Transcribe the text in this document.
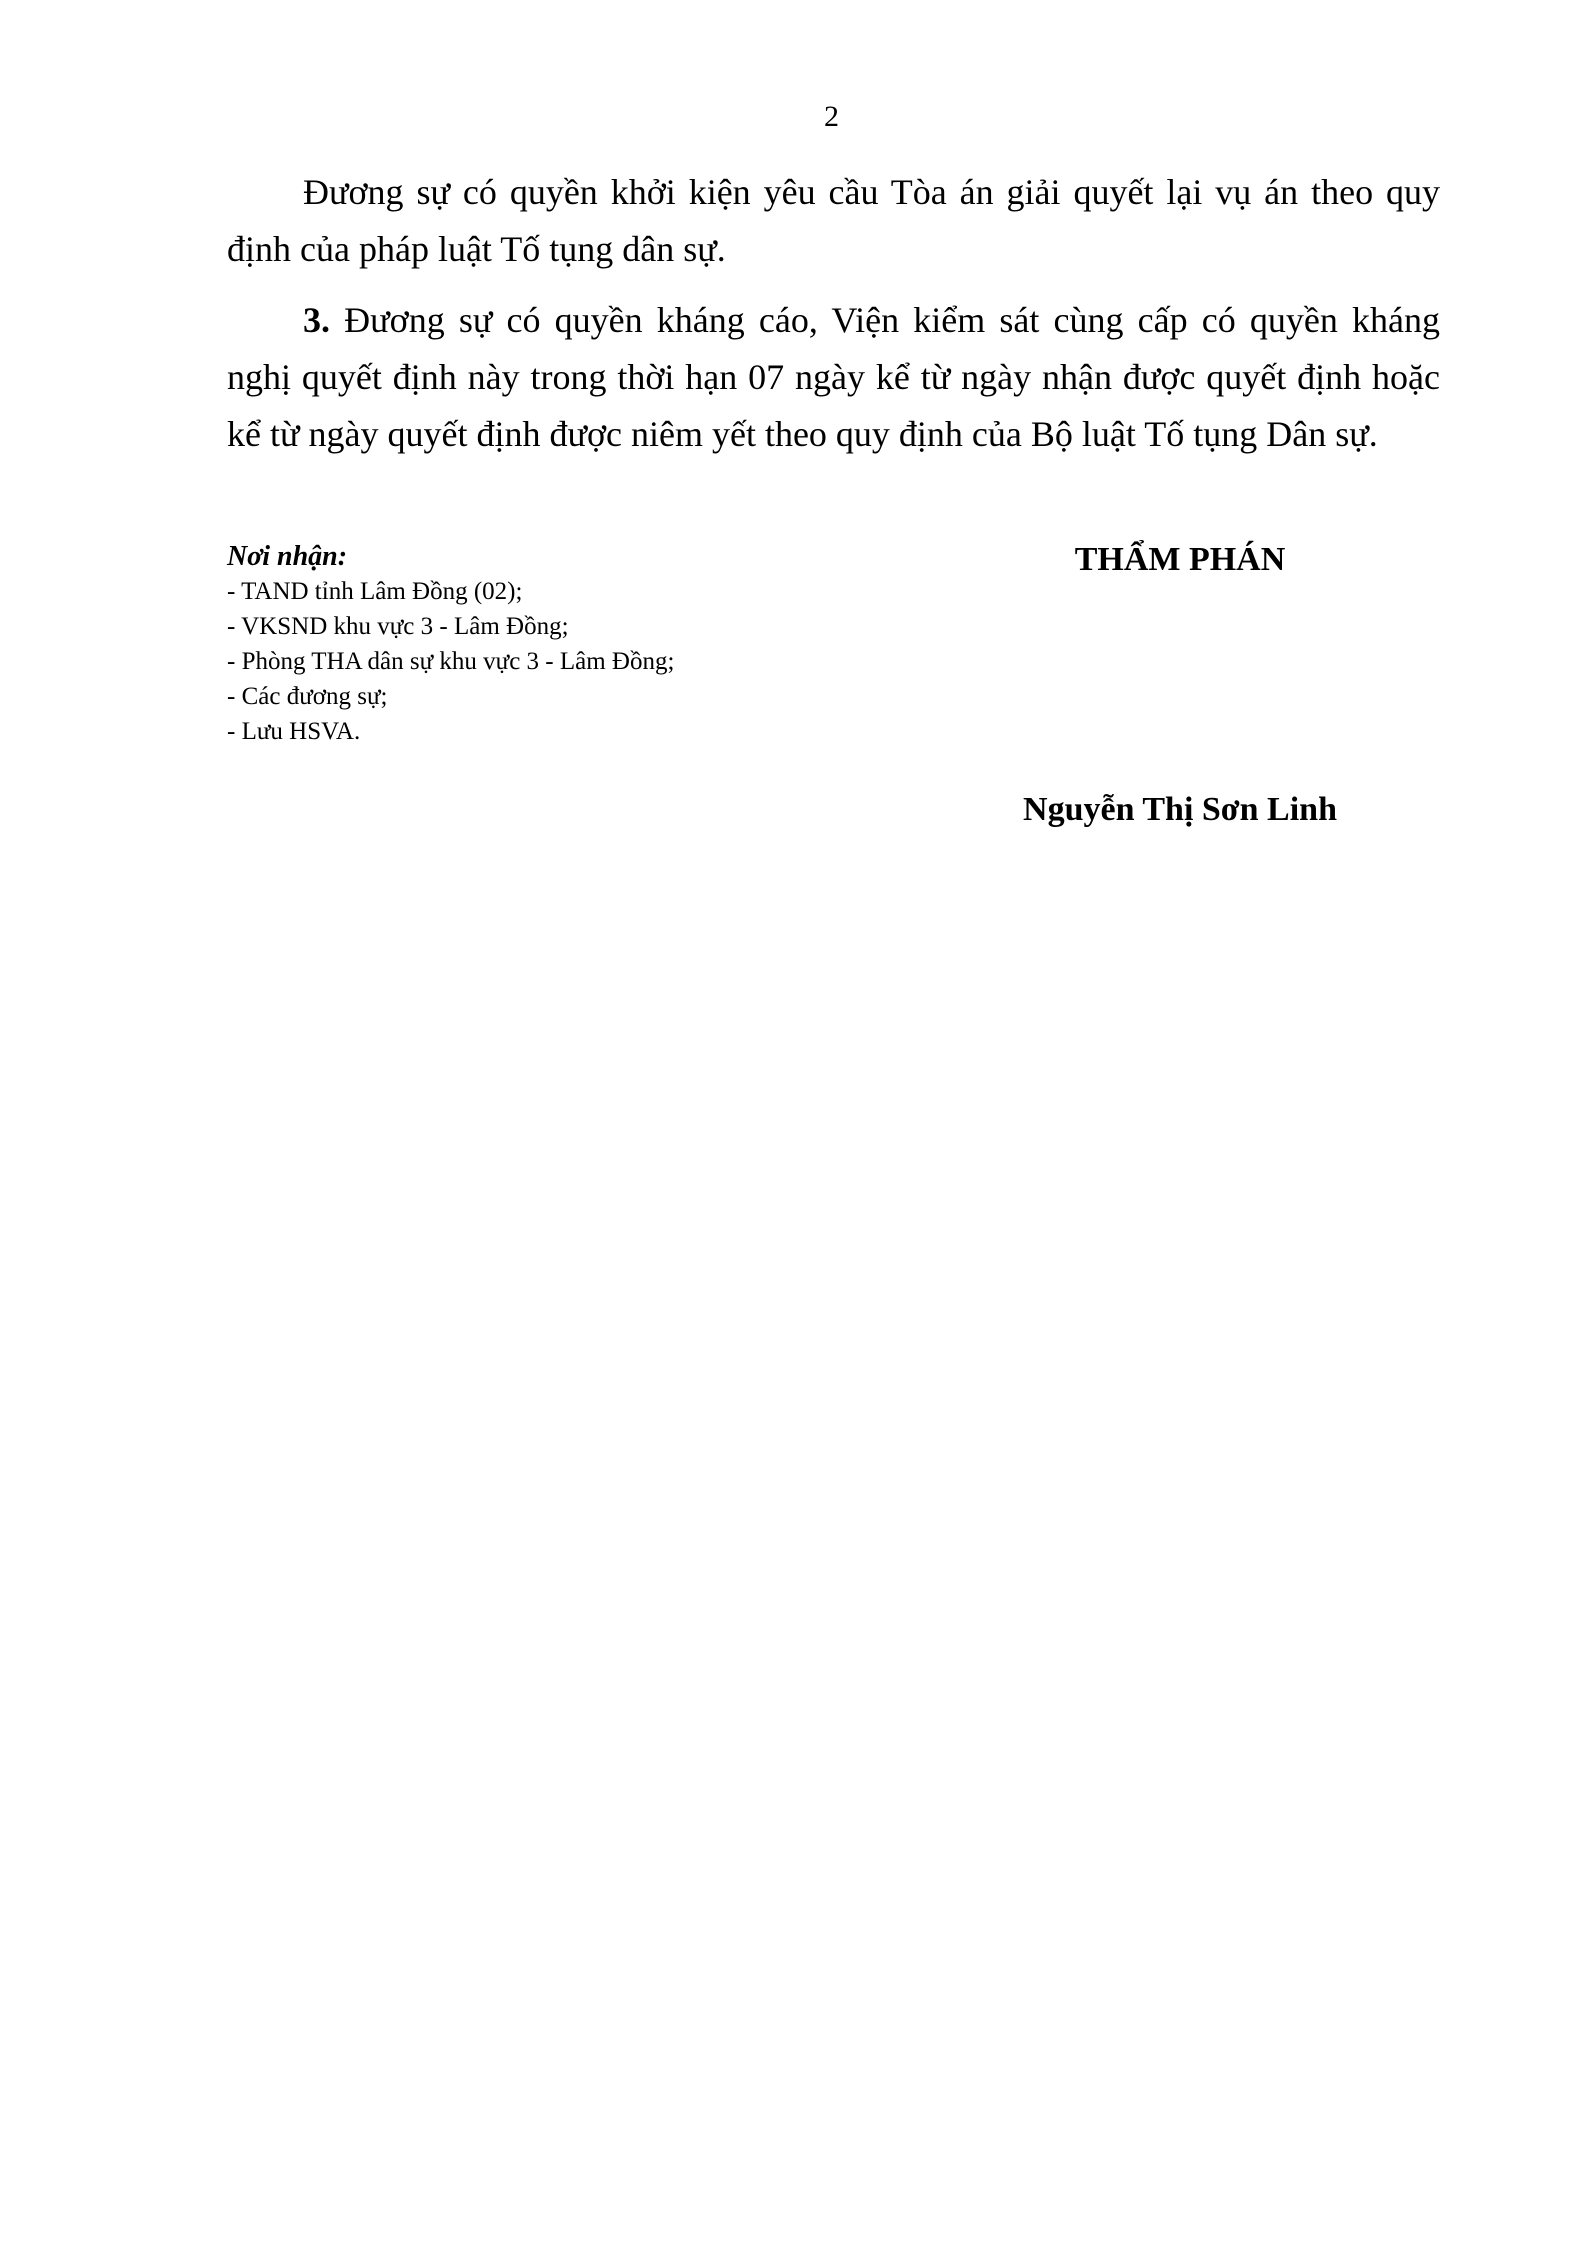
2

Đương sự có quyền khởi kiện yêu cầu Tòa án giải quyết lại vụ án theo quy định của pháp luật Tố tụng dân sự.

3. Đương sự có quyền kháng cáo, Viện kiểm sát cùng cấp có quyền kháng nghị quyết định này trong thời hạn 07 ngày kể từ ngày nhận được quyết định hoặc kể từ ngày quyết định được niêm yết theo quy định của Bộ luật Tố tụng Dân sự.

Nơi nhận:

- TAND tỉnh Lâm Đồng (02);
- VKSND khu vực 3 - Lâm Đồng;
- Phòng THA dân sự khu vực 3 - Lâm Đồng;
- Các đương sự;
- Lưu HSVA.

THẨM PHÁN

Nguyễn Thị Sơn Linh
